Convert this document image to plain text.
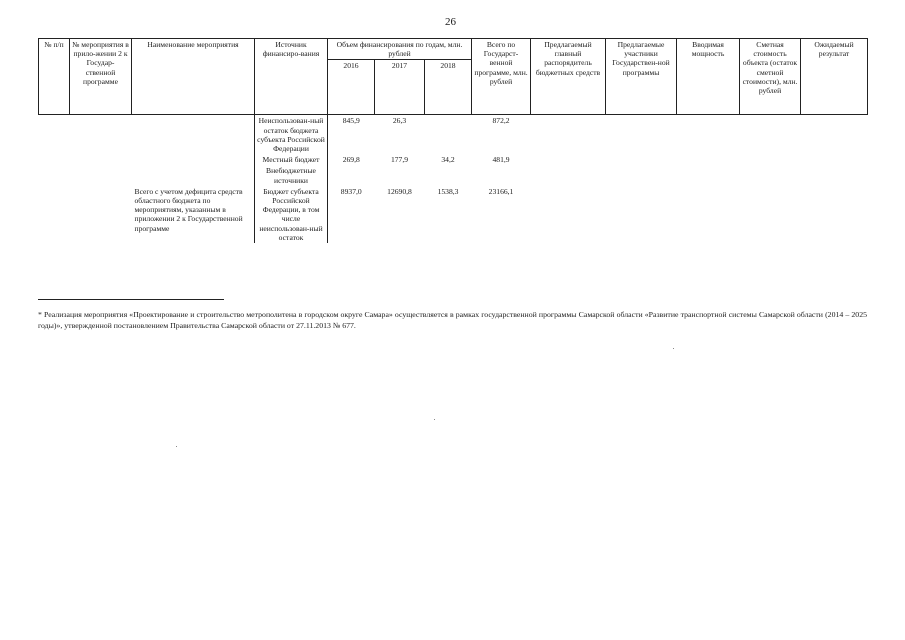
26
№ п/п	№ мероприятия в прило-жении 2 к Государ-ственной программе	Наименование мероприятия	Источник финансиро-вания	Объем финансирования по годам, млн. рублей			Всего по Государст-венной программе, млн. рублей	Предлагаемый главный распорядитель бюджетных средств	Предлагаемые участники Государствен-ной программы	Вводимая мощность	Сметная стоимость объекта (остаток сметной стоимости), млн. рублей	Ожидаемый результат
				2016	2017	2018						
			Неиспользован-ный остаток бюджета субъекта Российской Федерации	845,9	26,3		872,2					
			Местный бюджет	269,8	177,9	34,2	481,9					
			Внебюджетные источники									
		Всего с учетом дефицита средств областного бюджета по мероприятиям, указанным в приложении 2 к Государственной программе	Бюджет субъекта Российской Федерации, в том числе неиспользован-ный остаток	8937,0	12690,8	1538,3	23166,1					
* Реализация мероприятия «Проектирование и строительство метрополитена в городском округе Самара» осуществляется в рамках государственной программы Самарской области «Развитие транспортной системы Самарской области (2014 – 2025 годы)», утвержденной постановлением Правительства Самарской области от 27.11.2013 № 677.
